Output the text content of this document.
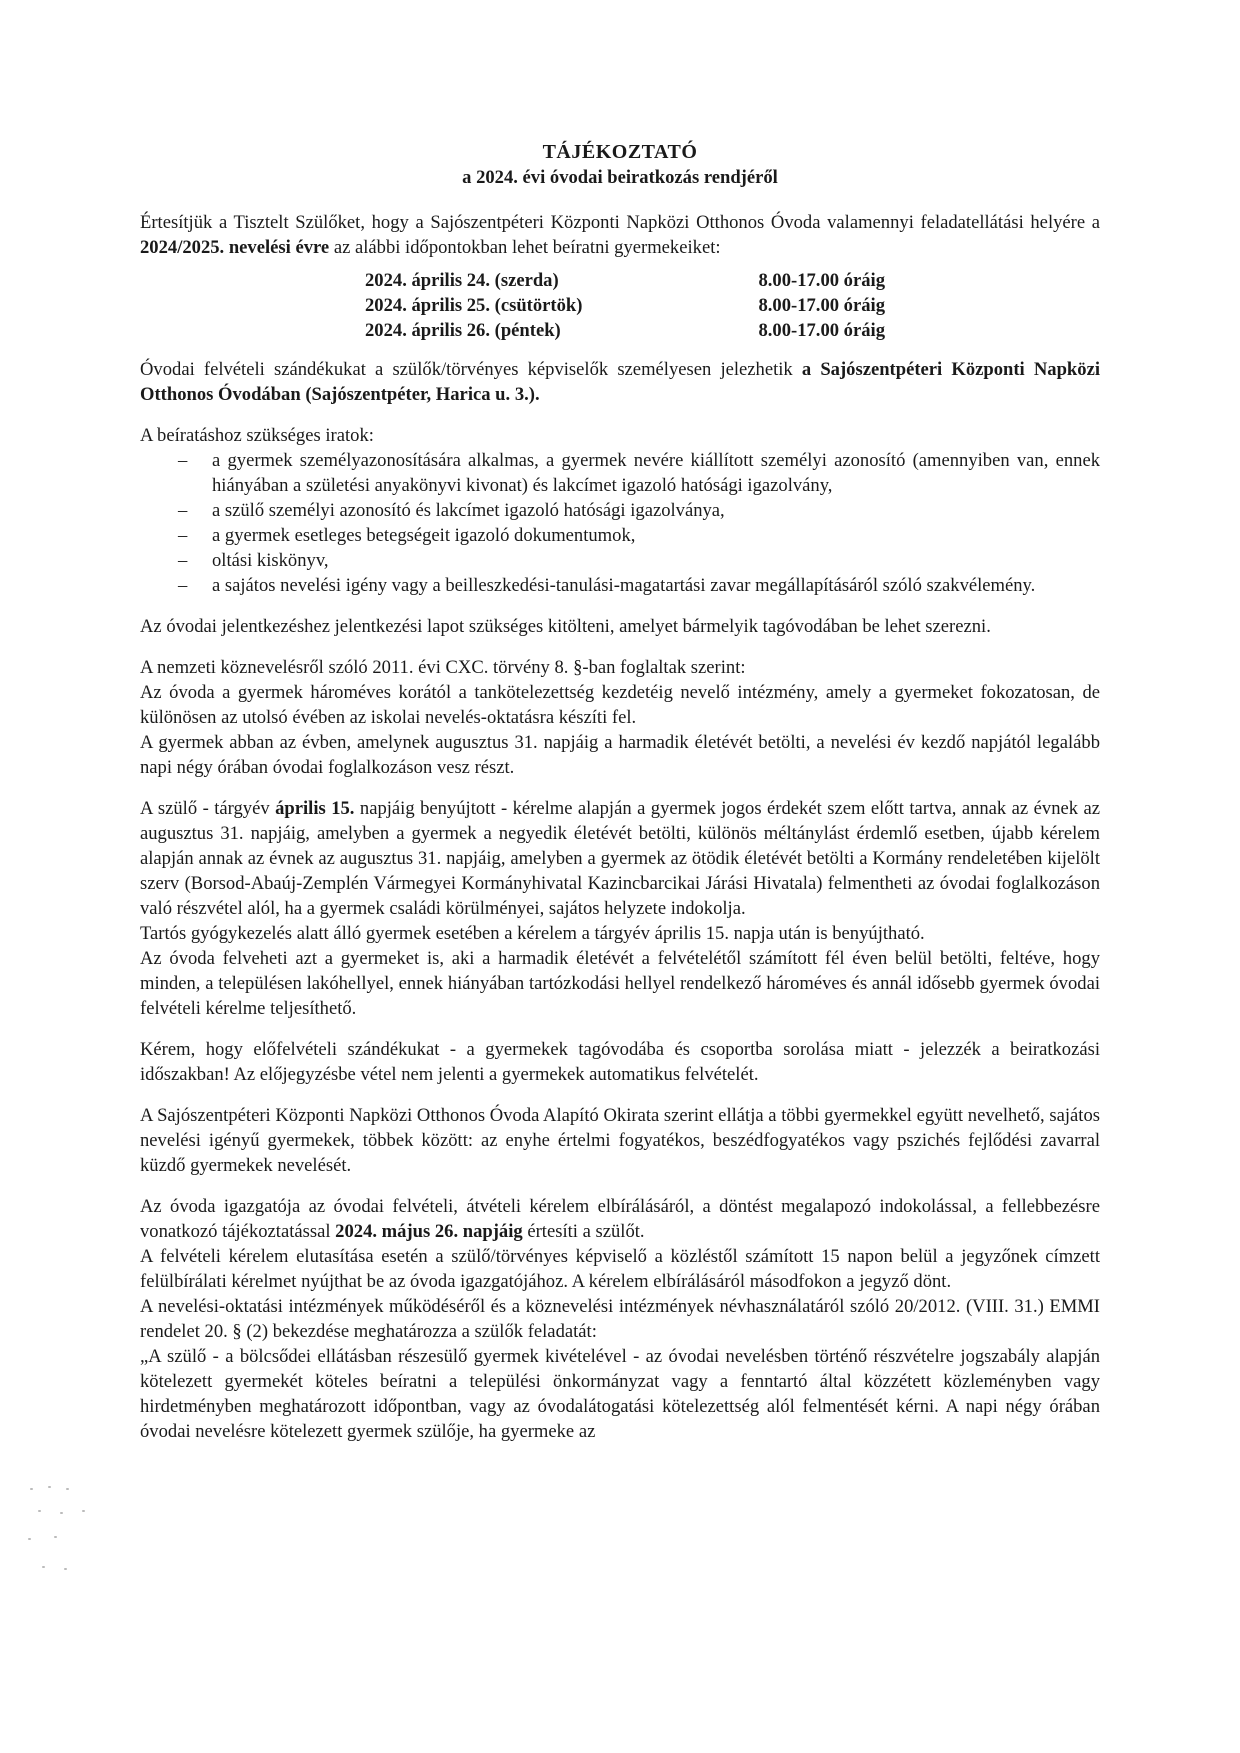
TÁJÉKOZTATÓ
a 2024. évi óvodai beiratkozás rendjéről

Értesítjük a Tisztelt Szülőket, hogy a Sajószentpéteri Központi Napközi Otthonos Óvoda valamennyi feladatellátási helyére a 2024/2025. nevelési évre az alábbi időpontokban lehet beíratni gyermekeiket:

2024. április 24. (szerda)	8.00-17.00 óráig
2024. április 25. (csütörtök)	8.00-17.00 óráig
2024. április 26. (péntek)	8.00-17.00 óráig

Óvodai felvételi szándékukat a szülők/törvényes képviselők személyesen jelezhetik a Sajószentpéteri Központi Napközi Otthonos Óvodában (Sajószentpéter, Harica u. 3.).

A beíratáshoz szükséges iratok:

– a gyermek személyazonosítására alkalmas, a gyermek nevére kiállított személyi azonosító (amennyiben van, ennek hiányában a születési anyakönyvi kivonat) és lakcímet igazoló hatósági igazolvány,
– a szülő személyi azonosító és lakcímet igazoló hatósági igazolványa,
– a gyermek esetleges betegségeit igazoló dokumentumok,
– oltási kiskönyv,
– a sajátos nevelési igény vagy a beilleszkedési-tanulási-magatartási zavar megállapításáról szóló szakvélemény.

Az óvodai jelentkezéshez jelentkezési lapot szükséges kitölteni, amelyet bármelyik tagóvodában be lehet szerezni.

A nemzeti köznevelésről szóló 2011. évi CXC. törvény 8. §-ban foglaltak szerint:

Az óvoda a gyermek hároméves korától a tankötelezettség kezdetéig nevelő intézmény, amely a gyermeket fokozatosan, de különösen az utolsó évében az iskolai nevelés-oktatásra készíti fel.

A gyermek abban az évben, amelynek augusztus 31. napjáig a harmadik életévét betölti, a nevelési év kezdő napjától legalább napi négy órában óvodai foglalkozáson vesz részt.

A szülő - tárgyév április 15. napjáig benyújtott - kérelme alapján a gyermek jogos érdekét szem előtt tartva, annak az évnek az augusztus 31. napjáig, amelyben a gyermek a negyedik életévét betölti, különös méltánylást érdemlő esetben, újabb kérelem alapján annak az évnek az augusztus 31. napjáig, amelyben a gyermek az ötödik életévét betölti a Kormány rendeletében kijelölt szerv (Borsod-Abaúj-Zemplén Vármegyei Kormányhivatal Kazincbarcikai Járási Hivatala) felmentheti az óvodai foglalkozáson való részvétel alól, ha a gyermek családi körülményei, sajátos helyzete indokolja.

Tartós gyógykezelés alatt álló gyermek esetében a kérelem a tárgyév április 15. napja után is benyújtható.

Az óvoda felveheti azt a gyermeket is, aki a harmadik életévét a felvételétől számított fél éven belül betölti, feltéve, hogy minden, a településen lakóhellyel, ennek hiányában tartózkodási hellyel rendelkező hároméves és annál idősebb gyermek óvodai felvételi kérelme teljesíthető.

Kérem, hogy előfelvételi szándékukat - a gyermekek tagóvodába és csoportba sorolása miatt - jelezzék a beiratkozási időszakban! Az előjegyzésbe vétel nem jelenti a gyermekek automatikus felvételét.

A Sajószentpéteri Központi Napközi Otthonos Óvoda Alapító Okirata szerint ellátja a többi gyermekkel együtt nevelhető, sajátos nevelési igényű gyermekek, többek között: az enyhe értelmi fogyatékos, beszédfogyatékos vagy pszichés fejlődési zavarral küzdő gyermekek nevelését.

Az óvoda igazgatója az óvodai felvételi, átvételi kérelem elbírálásáról, a döntést megalapozó indokolással, a fellebbezésre vonatkozó tájékoztatással 2024. május 26. napjáig értesíti a szülőt.

A felvételi kérelem elutasítása esetén a szülő/törvényes képviselő a közléstől számított 15 napon belül a jegyzőnek címzett felülbírálati kérelmet nyújthat be az óvoda igazgatójához. A kérelem elbírálásáról másodfokon a jegyző dönt.

A nevelési-oktatási intézmények működéséről és a köznevelési intézmények névhasználatáról szóló 20/2012. (VIII. 31.) EMMI rendelet 20. § (2) bekezdése meghatározza a szülők feladatát:

„A szülő - a bölcsődei ellátásban részesülő gyermek kivételével - az óvodai nevelésben történő részvételre jogszabály alapján kötelezett gyermekét köteles beíratni a települési önkormányzat vagy a fenntartó által közzétett közleményben vagy hirdetményben meghatározott időpontban, vagy az óvodalátogatási kötelezettség alól felmentését kérni. A napi négy órában óvodai nevelésre kötelezett gyermek szülője, ha gyermeke az
